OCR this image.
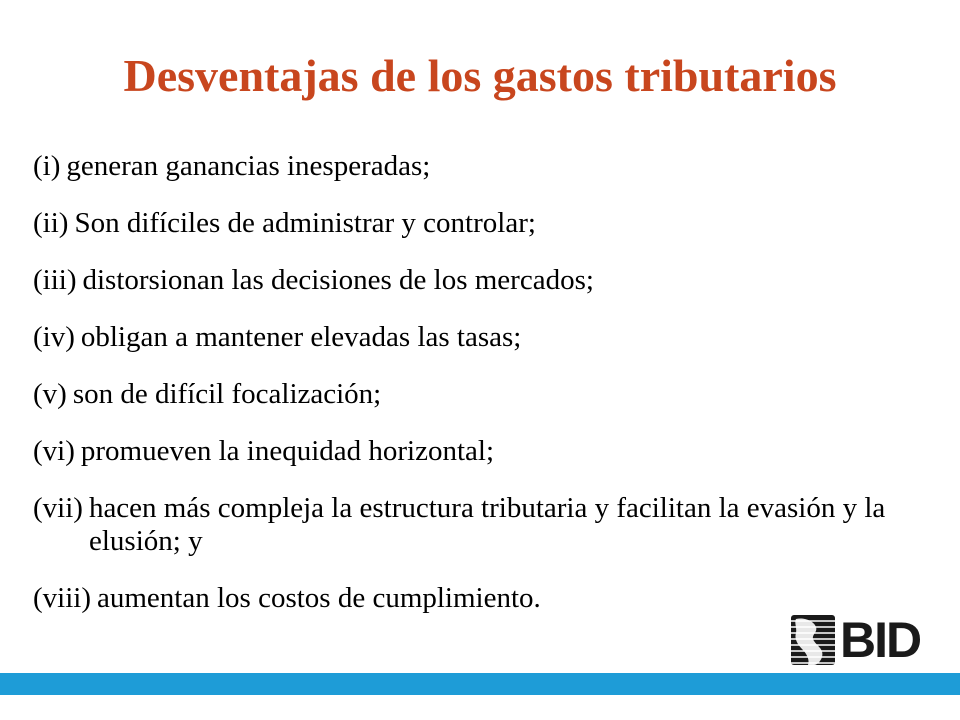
Desventajas de los gastos tributarios
(i) generan ganancias inesperadas;
(ii) Son difíciles de administrar y controlar;
(iii) distorsionan las decisiones de los mercados;
(iv) obligan a mantener elevadas las tasas;
(v) son de difícil focalización;
(vi) promueven la inequidad horizontal;
(vii) hacen más compleja la estructura tributaria y facilitan la evasión y la elusión; y
(viii) aumentan los costos de cumplimiento.
BID
